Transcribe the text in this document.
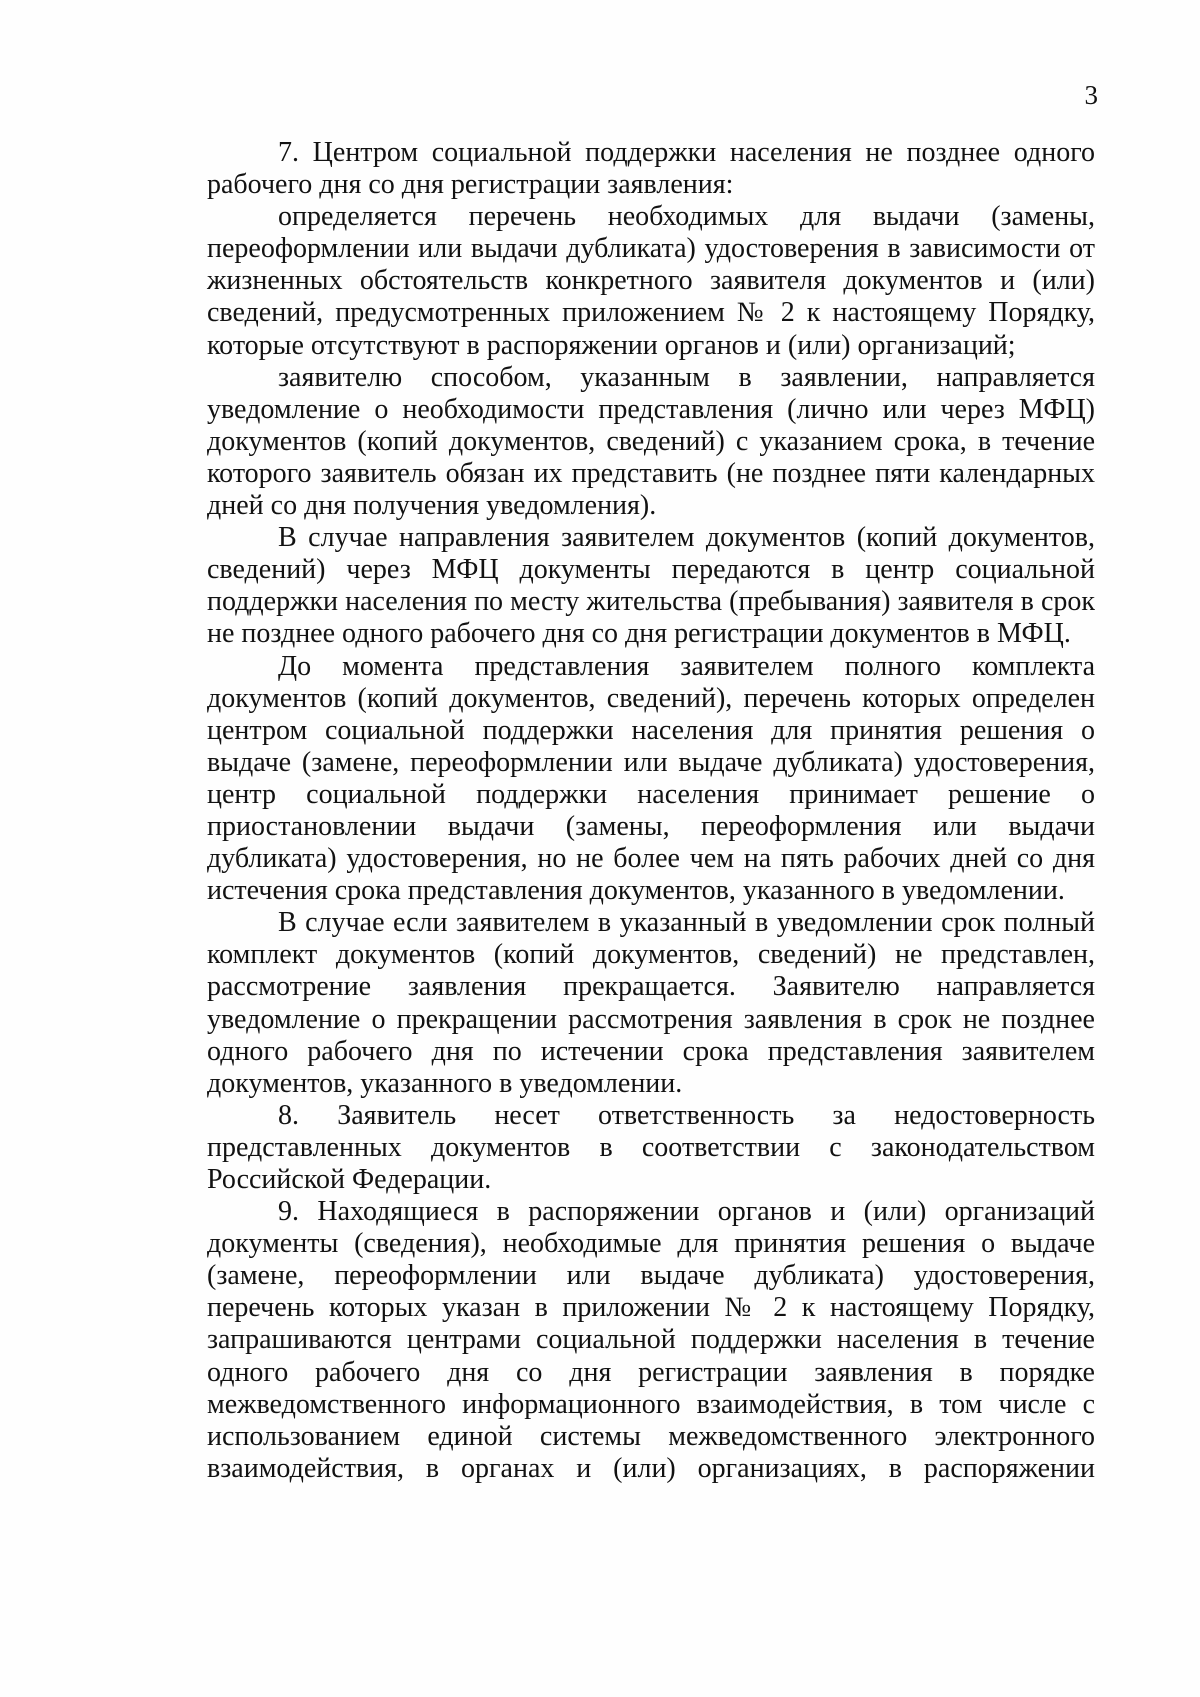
3

7. Центром социальной поддержки населения не позднее одного рабочего дня со дня регистрации заявления:

определяется перечень необходимых для выдачи (замены, переоформлении или выдачи дубликата) удостоверения в зависимости от жизненных обстоятельств конкретного заявителя документов и (или) сведений, предусмотренных приложением № 2 к настоящему Порядку, которые отсутствуют в распоряжении органов и (или) организаций;

заявителю способом, указанным в заявлении, направляется уведомление о необходимости представления (лично или через МФЦ) документов (копий документов, сведений) с указанием срока, в течение которого заявитель обязан их представить (не позднее пяти календарных дней со дня получения уведомления).

В случае направления заявителем документов (копий документов, сведений) через МФЦ документы передаются в центр социальной поддержки населения по месту жительства (пребывания) заявителя в срок не позднее одного рабочего дня со дня регистрации документов в МФЦ.

До момента представления заявителем полного комплекта документов (копий документов, сведений), перечень которых определен центром социальной поддержки населения для принятия решения о выдаче (замене, переоформлении или выдаче дубликата) удостоверения, центр социальной поддержки населения принимает решение о приостановлении выдачи (замены, переоформления или выдачи дубликата) удостоверения, но не более чем на пять рабочих дней со дня истечения срока представления документов, указанного в уведомлении.

В случае если заявителем в указанный в уведомлении срок полный комплект документов (копий документов, сведений) не представлен, рассмотрение заявления прекращается. Заявителю направляется уведомление о прекращении рассмотрения заявления в срок не позднее одного рабочего дня по истечении срока представления заявителем документов, указанного в уведомлении.

8. Заявитель несет ответственность за недостоверность представленных документов в соответствии с законодательством Российской Федерации.

9. Находящиеся в распоряжении органов и (или) организаций документы (сведения), необходимые для принятия решения о выдаче (замене, переоформлении или выдаче дубликата) удостоверения, перечень которых указан в приложении № 2 к настоящему Порядку, запрашиваются центрами социальной поддержки населения в течение одного рабочего дня со дня регистрации заявления в порядке межведомственного информационного взаимодействия, в том числе с использованием единой системы межведомственного электронного взаимодействия, в органах и (или) организациях, в распоряжении
